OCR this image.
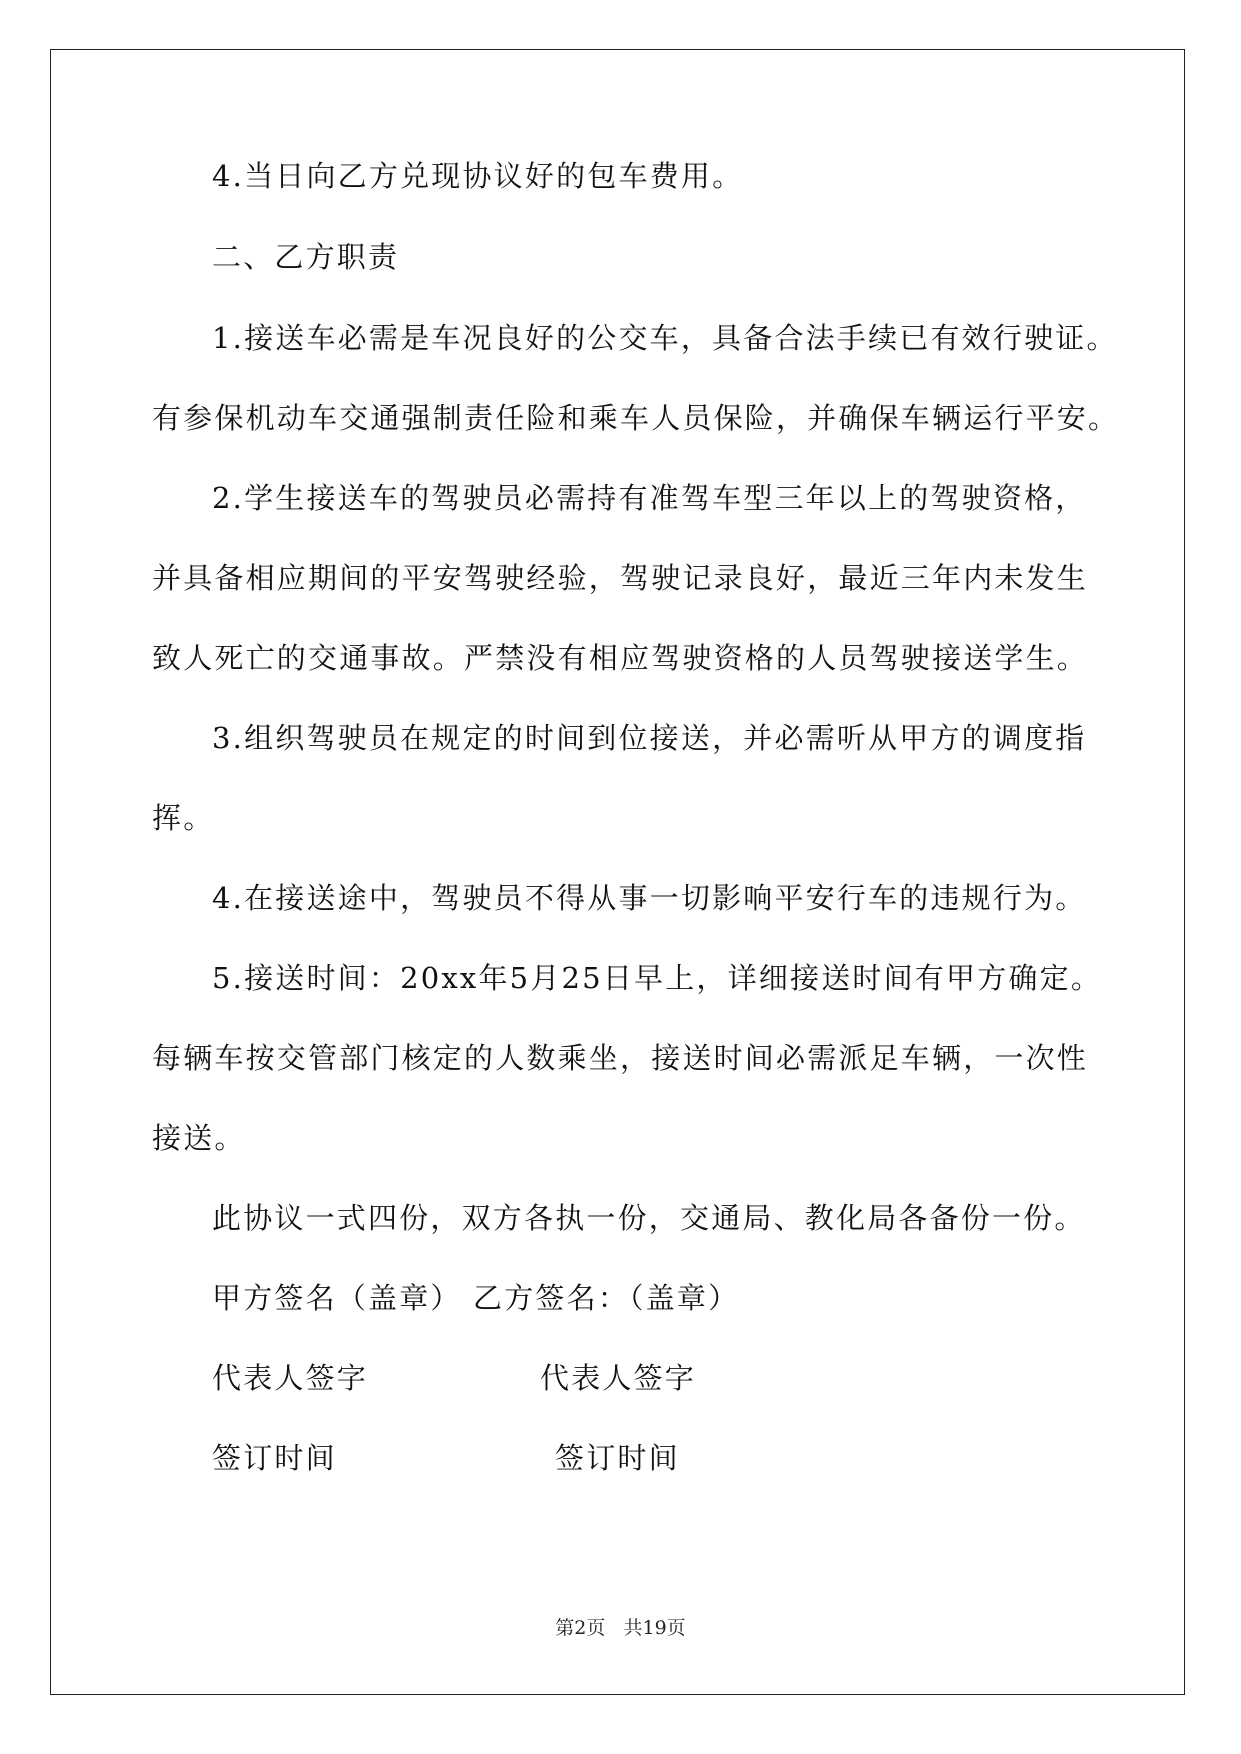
4.当日向乙方兑现协议好的包车费用。
二、乙方职责
1.接送车必需是车况良好的公交车，具备合法手续已有效行驶证。
有参保机动车交通强制责任险和乘车人员保险，并确保车辆运行平安。
2.学生接送车的驾驶员必需持有准驾车型三年以上的驾驶资格，
并具备相应期间的平安驾驶经验，驾驶记录良好，最近三年内未发生
致人死亡的交通事故。严禁没有相应驾驶资格的人员驾驶接送学生。
3.组织驾驶员在规定的时间到位接送，并必需听从甲方的调度指
挥。
4.在接送途中，驾驶员不得从事一切影响平安行车的违规行为。
5.接送时间：20xx年5月25日早上，详细接送时间有甲方确定。
每辆车按交管部门核定的人数乘坐，接送时间必需派足车辆，一次性
接送。
此协议一式四份，双方各执一份，交通局、教化局各备份一份。
甲方签名（盖章） 乙方签名：（盖章）
代表人签字	代表人签字
签订时间	签订时间
第2页   共19页
